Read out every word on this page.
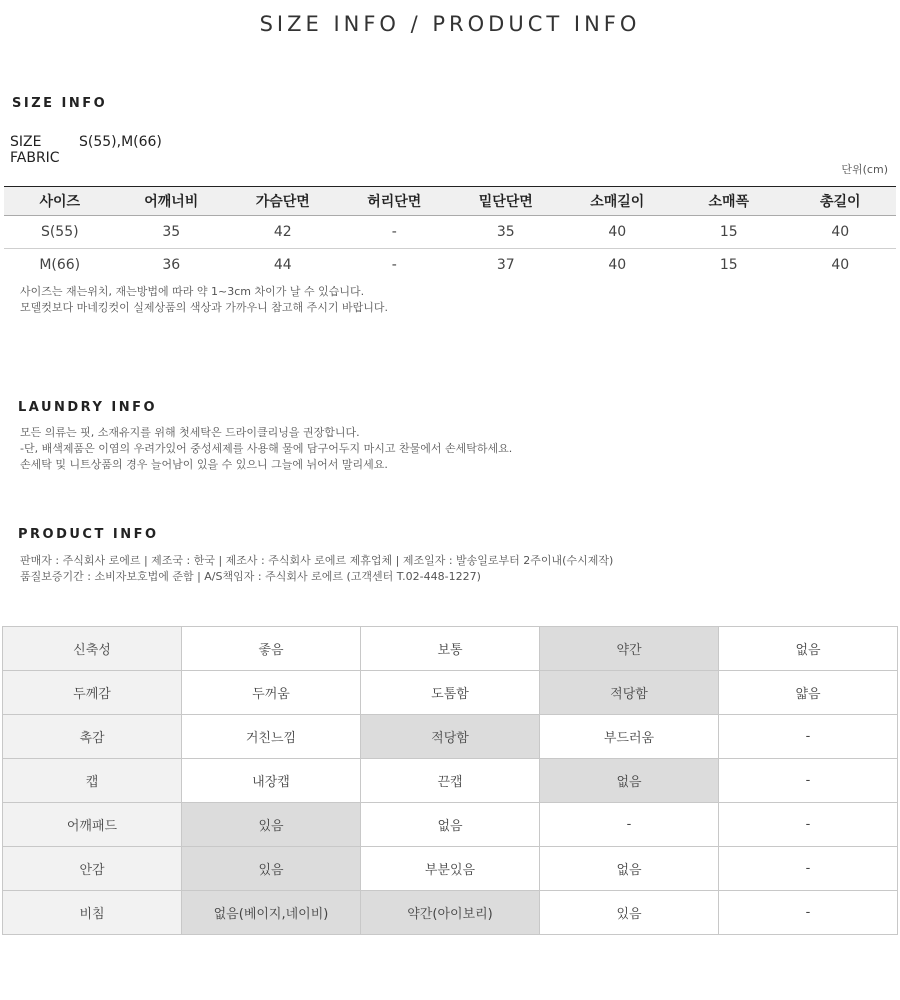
SIZE INFO / PRODUCT INFO
SIZE INFO
SIZE	S(55),M(66)
FABRIC
단위(cm)
사이즈	어깨너비	가슴단면	허리단면	밑단단면	소매길이	소매폭	총길이
S(55)	35	42	-	35	40	15	40
M(66)	36	44	-	37	40	15	40
사이즈는 재는위치, 재는방법에 따라 약 1~3cm 차이가 날 수 있습니다.
모델컷보다 마네킹컷이 실제상품의 색상과 가까우니 참고해 주시기 바랍니다.
LAUNDRY INFO
모든 의류는 핏, 소재유지를 위해 첫세탁은 드라이클리닝을 권장합니다.
-단, 배색제품은 이염의 우려가있어 중성세제를 사용해 물에 담구어두지 마시고 찬물에서 손세탁하세요.
손세탁 및 니트상품의 경우 늘어남이 있을 수 있으니 그늘에 뉘어서 말리세요.
PRODUCT INFO
판매자 : 주식회사 로에르 | 제조국 : 한국 | 제조사 : 주식회사 로에르 제휴업체 | 제조일자 : 발송일로부터 2주이내(수시제작)
품질보증기간 : 소비자보호법에 준함 | A/S책임자 : 주식회사 로에르 (고객센터 T.02-448-1227)
신축성	좋음	보통	약간	없음
두께감	두꺼움	도톰함	적당함	얇음
촉감	거친느낌	적당함	부드러움	-
캡	내장캡	끈캡	없음	-
어깨패드	있음	없음	-	-
안감	있음	부분있음	없음	-
비침	없음(베이지,네이비)	약간(아이보리)	있음	-
